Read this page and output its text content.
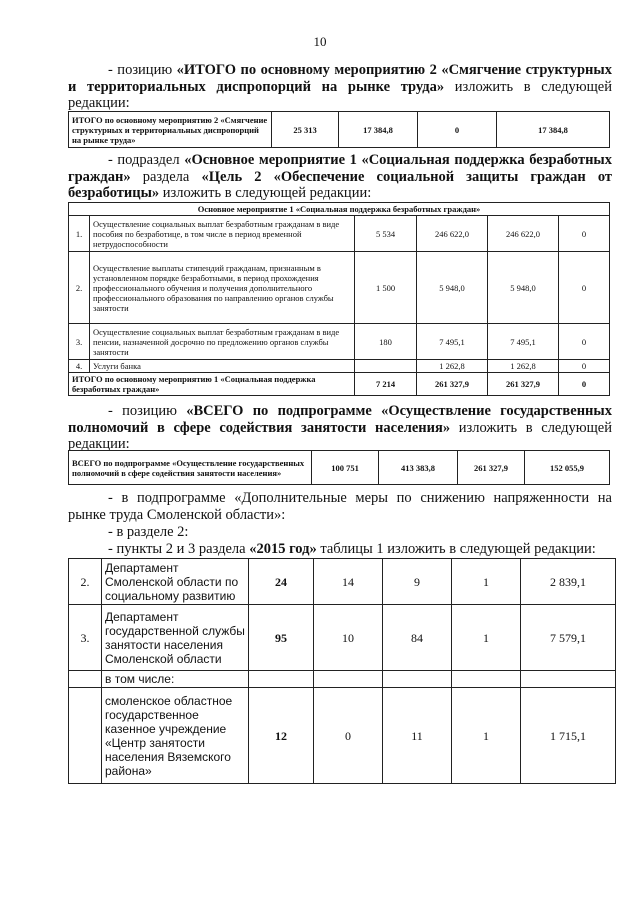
10
- позицию «ИТОГО по основному мероприятию 2 «Смягчение структурных и территориальных диспропорций на рынке труда» изложить в следующей редакции:
ИТОГО по основному мероприятию 2 «Смягчение структурных и территориальных диспропорций на рынке труда»	25 313	17 384,8	0	17 384,8
- подраздел «Основное мероприятие 1 «Социальная поддержка безработных граждан» раздела «Цель 2 «Обеспечение социальной защиты граждан от безработицы» изложить в следующей редакции:
Основное мероприятие 1 «Социальная поддержка безработных граждан»					
1.	Осуществление социальных выплат безработным гражданам в виде пособия по безработице, в том числе в период временной нетрудоспособности	5 534	246 622,0	246 622,0	0
2.	Осуществление выплаты стипендий гражданам, признанным в установленном порядке безработными, в период прохождения профессионального обучения и получения дополнительного профессионального образования по направлению органов службы занятости	1 500	5 948,0	5 948,0	0
3.	Осуществление социальных выплат безработным гражданам в виде пенсии, назначенной досрочно по предложению органов службы занятости	180	7 495,1	7 495,1	0
4.	Услуги банка		1 262,8	1 262,8	0
ИТОГО по основному мероприятию 1 «Социальная поддержка безработных граждан»		7 214	261 327,9	261 327,9	0
- позицию «ВСЕГО по подпрограмме «Осуществление государственных полномочий в сфере содействия занятости населения» изложить в следующей редакции:
ВСЕГО по подпрограмме «Осуществление государственных полномочий в сфере содействия занятости населения»	100 751	413 383,8	261 327,9	152 055,9
- в подпрограмме «Дополнительные меры по снижению напряженности на рынке труда Смоленской области»:
- в разделе 2:
- пункты 2 и 3 раздела «2015 год» таблицы 1 изложить в следующей редакции:
2.	Департамент Смоленской области по социальному развитию	24	14	9	1	2 839,1
3.	Департамент государственной службы занятости населения Смоленской области	95	10	84	1	7 579,1
	в том числе:					
	смоленское областное государственное казенное учреждение «Центр занятости населения Вяземского района»	12	0	11	1	1 715,1
